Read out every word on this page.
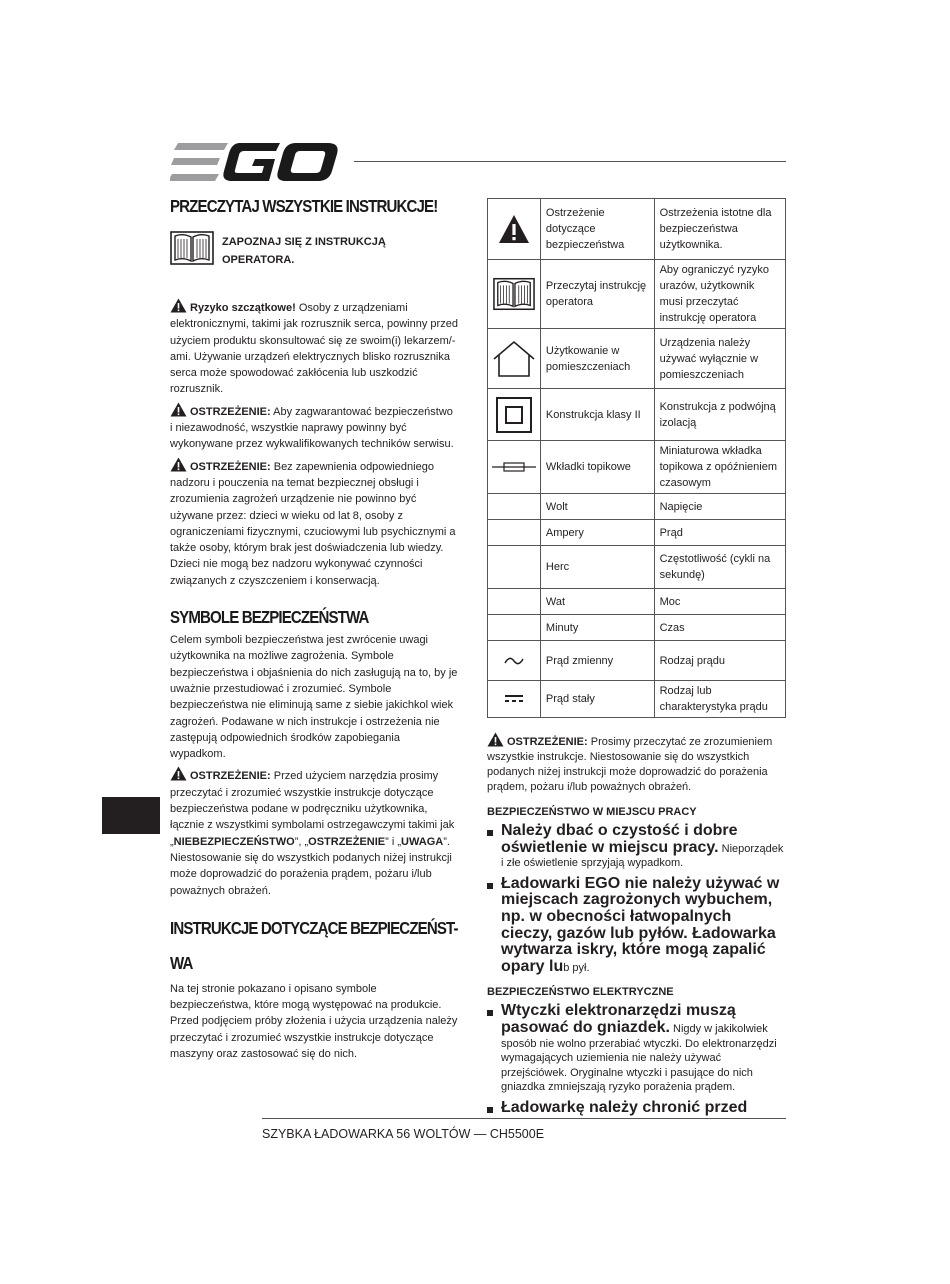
PRZECZYTAJ WSZYSTKIE INSTRUKCJE!
ZAPOZNAJ SIĘ Z INSTRUKCJĄ
OPERATORA.

Ryzyko szczątkowe! Osoby z urządzeniami elektronicznymi, takimi jak rozrusznik serca, powinny przed użyciem produktu skonsultować się ze swoim(i) lekarzem/-ami. Używanie urządzeń elektrycznych blisko rozrusznika serca może spowodować zakłócenia lub uszkodzić rozrusznik.

OSTRZEŻENIE: Aby zagwarantować bezpieczeństwo i niezawodność, wszystkie naprawy powinny być wykonywane przez wykwalifikowanych techników serwisu.

OSTRZEŻENIE: Bez zapewnienia odpowiedniego nadzoru i pouczenia na temat bezpiecznej obsługi i zrozumienia zagrożeń urządzenie nie powinno być używane przez: dzieci w wieku od lat 8, osoby z ograniczeniami fizycznymi, czuciowymi lub psychicznymi a także osoby, którym brak jest doświadczenia lub wiedzy. Dzieci nie mogą bez nadzoru wykonywać czynności związanych z czyszczeniem i konserwacją.

SYMBOLE BEZPIECZEŃSTWA

Celem symboli bezpieczeństwa jest zwrócenie uwagi użytkownika na możliwe zagrożenia. Symbole bezpieczeństwa i objaśnienia do nich zasługują na to, by je uważnie przestudiować i zrozumieć. Symbole bezpieczeństwa nie eliminują same z siebie jakichkol wiek zagrożeń. Podawane w nich instrukcje i ostrzeżenia nie zastępują odpowiednich środków zapobiegania wypadkom.

OSTRZEŻENIE: Przed użyciem narzędzia prosimy przeczytać i zrozumieć wszystkie instrukcje dotyczące bezpieczeństwa podane w podręczniku użytkownika, łącznie z wszystkimi symbolami ostrzegawczymi takimi jak „NIEBEZPIECZEŃSTWO”, „OSTRZEŻENIE” i „UWAGA”. Niestosowanie się do wszystkich podanych niżej instrukcji może doprowadzić do porażenia prądem, pożaru i/lub poważnych obrażeń.

INSTRUKCJE DOTYCZĄCE BEZPIECZEŃST-WA

Na tej stronie pokazano i opisano symbole bezpieczeństwa, które mogą występować na produkcie. Przed podjęciem próby złożenia i użycia urządzenia należy przeczytać i zrozumieć wszystkie instrukcje dotyczące maszyny oraz zastosować się do nich.

	Ostrzeżenie dotyczące bezpieczeństwa	Ostrzeżenia istotne dla bezpieczeństwa użytkownika.

	Przeczytaj instrukcję operatora	Aby ograniczyć ryzyko urazów, użytkownik musi przeczytać instrukcję operatora

	Użytkowanie w pomieszczeniach	Urządzenia należy używać wyłącznie w pomieszczeniach

	Konstrukcja klasy II	Konstrukcja z podwójną izolacją

	Wkładki topikowe	Miniaturowa wkładka topikowa z opóźnieniem czasowym
	Wolt	Napięcie
	Ampery	Prąd
	Herc	Częstotliwość (cykli na sekundę)
	Wat	Moc
	Minuty	Czas

	Prąd zmienny	Rodzaj prądu

	Prąd stały	Rodzaj lub charakterystyka prądu

OSTRZEŻENIE: Prosimy przeczytać ze zrozumieniem wszystkie instrukcje. Niestosowanie się do wszystkich podanych niżej instrukcji może doprowadzić do porażenia prądem, pożaru i/lub poważnych obrażeń.

BEZPIECZEŃSTWO W MIEJSCU PRACY
Należy dbać o czystość i dobre oświetlenie w miejscu pracy. Nieporządek i złe oświetlenie sprzyjają wypadkom.
Ładowarki EGO nie należy używać w miejscach zagrożonych wybuchem, np. w obecności łatwopalnych cieczy, gazów lub pyłów. Ładowarka wytwarza iskry, które mogą zapalić opary lub pył.
BEZPIECZEŃSTWO ELEKTRYCZNE
Wtyczki elektronarzędzi muszą pasować do gniazdek. Nigdy w jakikolwiek sposób nie wolno przerabiać wtyczki. Do elektronarzędzi wymagających uziemienia nie należy używać przejściówek. Oryginalne wtyczki i pasujące do nich gniazdka zmniejszają ryzyko porażenia prądem.
Ładowarkę należy chronić przed
SZYBKA ŁADOWARKA 56 WOLTÓW — CH5500E
